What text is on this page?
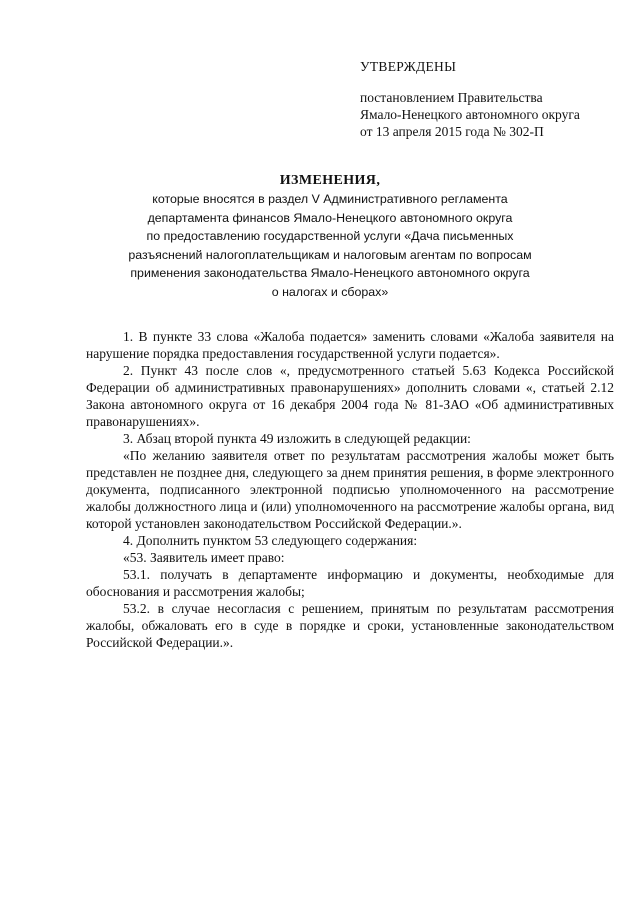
УТВЕРЖДЕНЫ
постановлением Правительства
Ямало-Ненецкого автономного округа
от 13 апреля 2015 года № 302-П
ИЗМЕНЕНИЯ,
которые вносятся в раздел V Административного регламента
департамента финансов Ямало-Ненецкого автономного округа
по предоставлению государственной услуги «Дача письменных
разъяснений налогоплательщикам и налоговым агентам по вопросам
применения законодательства Ямало-Ненецкого автономного округа
о налогах и сборах»

1. В пункте 33 слова «Жалоба подается» заменить словами «Жалоба заявителя на нарушение порядка предоставления государственной услуги подается».

2. Пункт 43 после слов «, предусмотренного статьей 5.63 Кодекса Российской Федерации об административных правонарушениях» дополнить словами «, статьей 2.12 Закона автономного округа от 16 декабря 2004 года № 81-ЗАО «Об административных правонарушениях».

3. Абзац второй пункта 49 изложить в следующей редакции:

«По желанию заявителя ответ по результатам рассмотрения жалобы может быть представлен не позднее дня, следующего за днем принятия решения, в форме электронного документа, подписанного электронной подписью уполномоченного на рассмотрение жалобы должностного лица и (или) уполномоченного на рассмотрение жалобы органа, вид которой установлен законодательством Российской Федерации.».

4. Дополнить пунктом 53 следующего содержания:

«53. Заявитель имеет право:

53.1. получать в департаменте информацию и документы, необходимые для обоснования и рассмотрения жалобы;

53.2. в случае несогласия с решением, принятым по результатам рассмотрения жалобы, обжаловать его в суде в порядке и сроки, установленные законодательством Российской Федерации.».
